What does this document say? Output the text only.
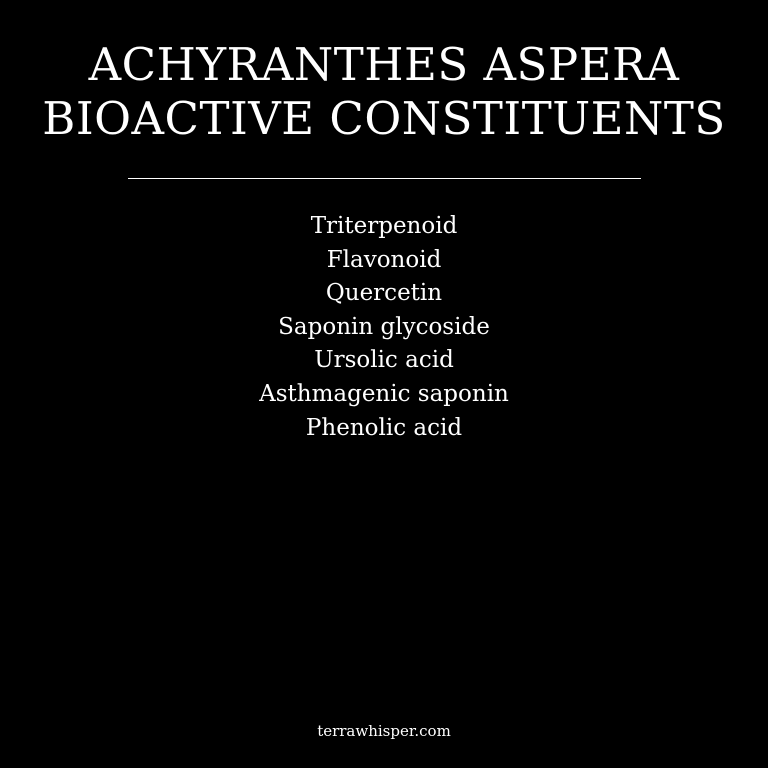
ACHYRANTHES ASPERA
BIOACTIVE CONSTITUENTS
Triterpenoid
Flavonoid
Quercetin
Saponin glycoside
Ursolic acid
Asthmagenic saponin
Phenolic acid
terrawhisper.com
